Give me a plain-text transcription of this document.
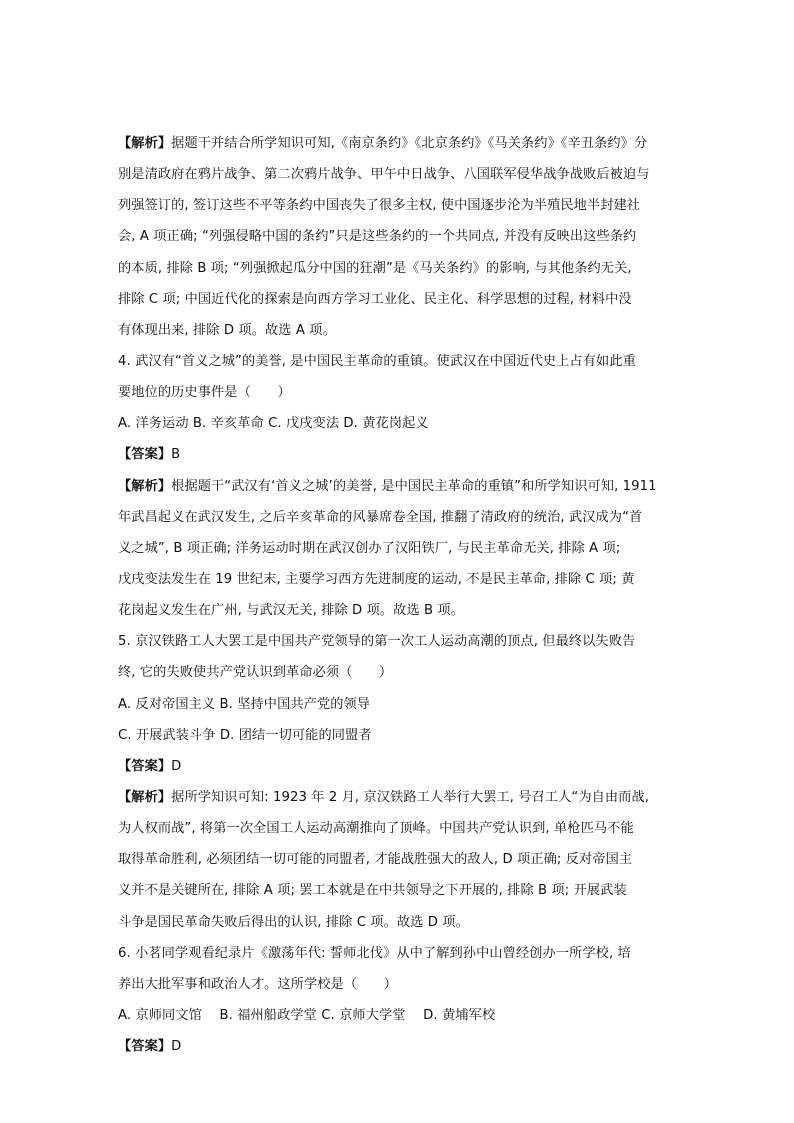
【解析】据题干并结合所学知识可知,《南京条约》《北京条约》《马关条约》《辛丑条约》分
别是清政府在鸦片战争、第二次鸦片战争、甲午中日战争、八国联军侵华战争战败后被迫与
列强签订的, 签订这些不平等条约中国丧失了很多主权, 使中国逐步沦为半殖民地半封建社
会, A 项正确; “列强侵略中国的条约”只是这些条约的一个共同点, 并没有反映出这些条约
的本质, 排除 B 项; “列强掀起瓜分中国的狂潮”是《马关条约》的影响, 与其他条约无关,
排除 C 项; 中国近代化的探索是向西方学习工业化、民主化、科学思想的过程, 材料中没
有体现出来, 排除 D 项。故选 A 项。
4. 武汉有“首义之城”的美誉, 是中国民主革命的重镇。使武汉在中国近代史上占有如此重
要地位的历史事件是（　　）
A. 洋务运动 B. 辛亥革命 C. 戊戌变法 D. 黄花岗起义
【答案】B
【解析】根据题干“武汉有‘首义之城’的美誉, 是中国民主革命的重镇”和所学知识可知, 1911
年武昌起义在武汉发生, 之后辛亥革命的风暴席卷全国, 推翻了清政府的统治, 武汉成为“首
义之城”, B 项正确; 洋务运动时期在武汉创办了汉阳铁厂, 与民主革命无关, 排除 A 项;
戊戌变法发生在 19 世纪末, 主要学习西方先进制度的运动, 不是民主革命, 排除 C 项; 黄
花岗起义发生在广州, 与武汉无关, 排除 D 项。故选 B 项。
5. 京汉铁路工人大罢工是中国共产党领导的第一次工人运动高潮的顶点, 但最终以失败告
终, 它的失败使共产党认识到革命必须（　　）
A. 反对帝国主义 B. 坚持中国共产党的领导
C. 开展武装斗争 D. 团结一切可能的同盟者
【答案】D
【解析】据所学知识可知: 1923 年 2 月, 京汉铁路工人举行大罢工, 号召工人“为自由而战,
为人权而战”, 将第一次全国工人运动高潮推向了顶峰。中国共产党认识到, 单枪匹马不能
取得革命胜利, 必须团结一切可能的同盟者, 才能战胜强大的敌人, D 项正确; 反对帝国主
义并不是关键所在, 排除 A 项; 罢工本就是在中共领导之下开展的, 排除 B 项; 开展武装
斗争是国民革命失败后得出的认识, 排除 C 项。故选 D 项。
6. 小茗同学观看纪录片《激荡年代: 誓师北伐》从中了解到孙中山曾经创办一所学校, 培
养出大批军事和政治人才。这所学校是（　　）
A. 京师同文馆　 B. 福州船政学堂 C. 京师大学堂　 D. 黄埔军校
【答案】D
